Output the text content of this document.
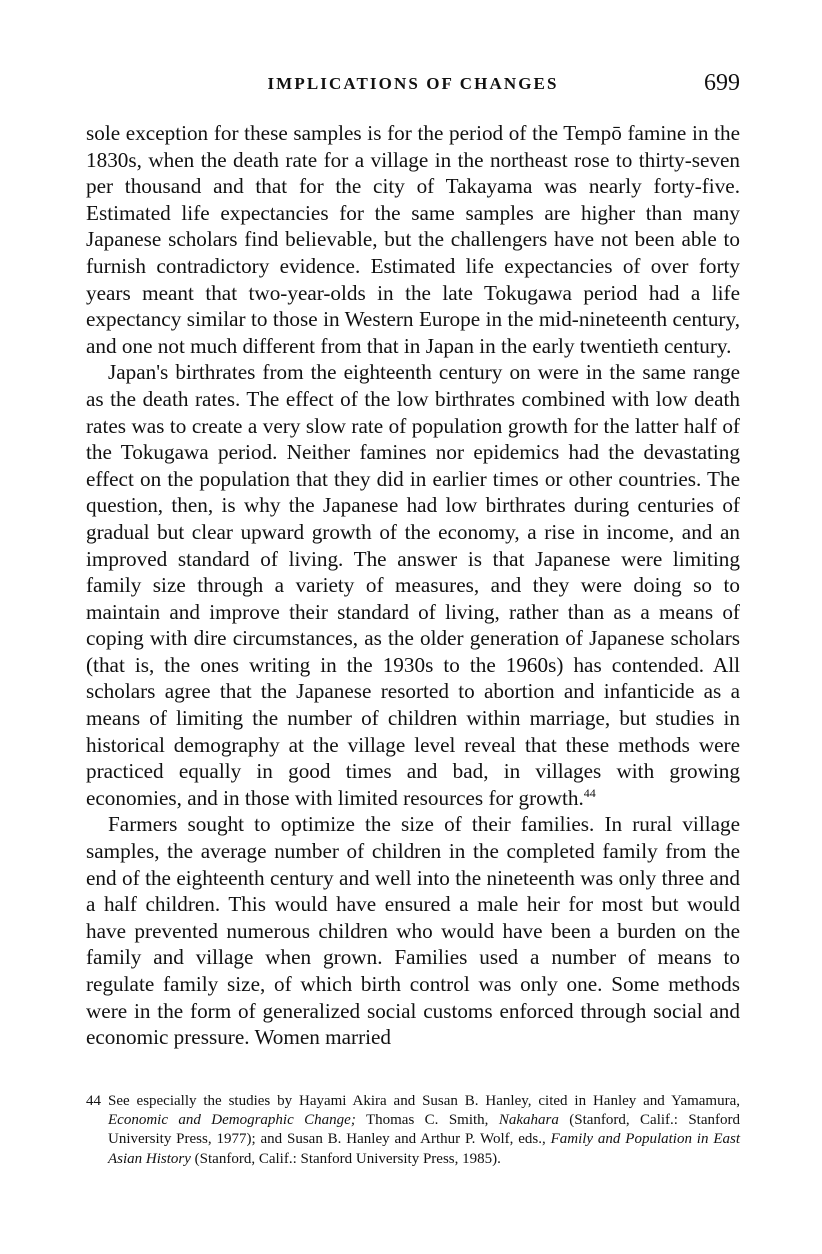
IMPLICATIONS OF CHANGES	699

sole exception for these samples is for the period of the Tempō famine in the 1830s, when the death rate for a village in the northeast rose to thirty-seven per thousand and that for the city of Takayama was nearly forty-five. Estimated life expectancies for the same samples are higher than many Japanese scholars find believable, but the challengers have not been able to furnish contradictory evidence. Estimated life expectancies of over forty years meant that two-year-olds in the late Tokugawa period had a life expectancy similar to those in Western Europe in the mid-nineteenth century, and one not much different from that in Japan in the early twentieth century.

Japan's birthrates from the eighteenth century on were in the same range as the death rates. The effect of the low birthrates combined with low death rates was to create a very slow rate of population growth for the latter half of the Tokugawa period. Neither famines nor epidemics had the devastating effect on the population that they did in earlier times or other countries. The question, then, is why the Japanese had low birthrates during centuries of gradual but clear upward growth of the economy, a rise in income, and an improved standard of living. The answer is that Japanese were limiting family size through a variety of measures, and they were doing so to maintain and improve their standard of living, rather than as a means of coping with dire circumstances, as the older generation of Japanese scholars (that is, the ones writing in the 1930s to the 1960s) has contended. All scholars agree that the Japanese resorted to abortion and infanticide as a means of limiting the number of children within marriage, but studies in historical demography at the village level reveal that these methods were practiced equally in good times and bad, in villages with growing economies, and in those with limited resources for growth.$^{44}$

Farmers sought to optimize the size of their families. In rural village samples, the average number of children in the completed family from the end of the eighteenth century and well into the nineteenth was only three and a half children. This would have ensured a male heir for most but would have prevented numerous children who would have been a burden on the family and village when grown. Families used a number of means to regulate family size, of which birth control was only one. Some methods were in the form of generalized social customs enforced through social and economic pressure. Women married

44 See especially the studies by Hayami Akira and Susan B. Hanley, cited in Hanley and Yamamura, Economic and Demographic Change; Thomas C. Smith, Nakahara (Stanford, Calif.: Stanford University Press, 1977); and Susan B. Hanley and Arthur P. Wolf, eds., Family and Population in East Asian History (Stanford, Calif.: Stanford University Press, 1985).
